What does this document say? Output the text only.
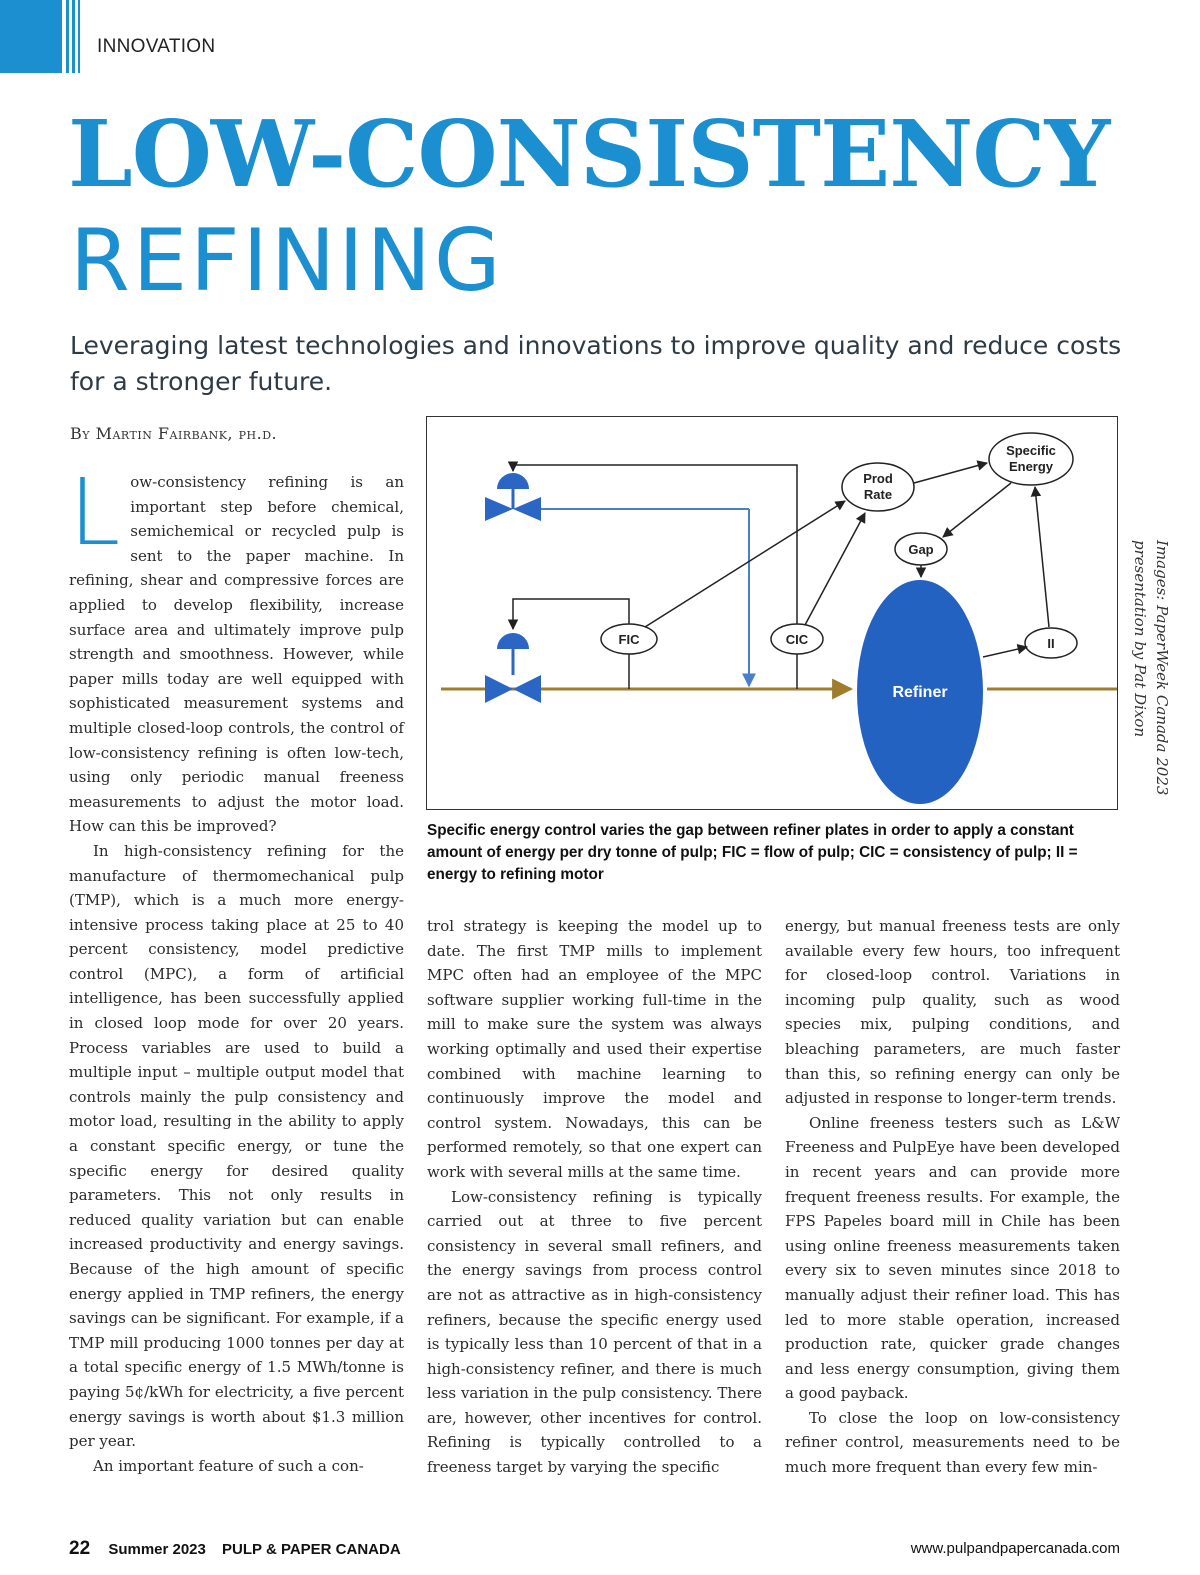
INNOVATION
LOW-CONSISTENCY
REFINING

Leveraging latest technologies and innovations to improve quality and reduce costs for a stronger future.

By Martin Fairbank, ph.d.

Low-consistency refining is an important step before chemical, semichemical or recycled pulp is sent to the paper machine. In refining, shear and compressive forces are applied to develop flexibility, increase surface area and ultimately improve pulp strength and smoothness. However, while paper mills today are well equipped with sophisticated measurement systems and multiple closed-loop controls, the control of low-consistency refining is often low-tech, using only periodic manual freeness measurements to adjust the motor load. How can this be improved?

In high-consistency refining for the manufacture of thermomechanical pulp (TMP), which is a much more energy-intensive process taking place at 25 to 40 percent consistency, model predictive control (MPC), a form of artificial intelligence, has been successfully applied in closed loop mode for over 20 years. Process variables are used to build a multiple input – multiple output model that controls mainly the pulp consistency and motor load, resulting in the ability to apply a constant specific energy, or tune the specific energy for desired quality parameters. This not only results in reduced quality variation but can enable increased productivity and energy savings. Because of the high amount of specific energy applied in TMP refiners, the energy savings can be significant. For example, if a TMP mill producing 1000 tonnes per day at a total specific energy of 1.5 MWh/tonne is paying 5¢/kWh for electricity, a five percent energy savings is worth about $1.3 million per year.

An important feature of such a con-

FIC	CIC
Prod
Rate
Specific
Energy
Gap
II
Refiner

Specific energy control varies the gap between refiner plates in order to apply a constant amount of energy per dry tonne of pulp; FIC = flow of pulp; CIC = consistency of pulp; II = energy to refining motor

Images: PaperWeek Canada 2023 presentation by Pat Dixon

trol strategy is keeping the model up to date. The first TMP mills to implement MPC often had an employee of the MPC software supplier working full-time in the mill to make sure the system was always working optimally and used their expertise combined with machine learning to continuously improve the model and control system. Nowadays, this can be performed remotely, so that one expert can work with several mills at the same time.

Low-consistency refining is typically carried out at three to five percent consistency in several small refiners, and the energy savings from process control are not as attractive as in high-consistency refiners, because the specific energy used is typically less than 10 percent of that in a high-consistency refiner, and there is much less variation in the pulp consistency. There are, however, other incentives for control. Refining is typically controlled to a freeness target by varying the specific

energy, but manual freeness tests are only available every few hours, too infrequent for closed-loop control. Variations in incoming pulp quality, such as wood species mix, pulping conditions, and bleaching parameters, are much faster than this, so refining energy can only be adjusted in response to longer-term trends.

Online freeness testers such as L&W Freeness and PulpEye have been developed in recent years and can provide more frequent freeness results. For example, the FPS Papeles board mill in Chile has been using online freeness measurements taken every six to seven minutes since 2018 to manually adjust their refiner load. This has led to more stable operation, increased production rate, quicker grade changes and less energy consumption, giving them a good payback.

To close the loop on low-consistency refiner control, measurements need to be much more frequent than every few min-

22 Summer 2023 PULP & PAPER CANADA	www.pulpandpapercanada.com
